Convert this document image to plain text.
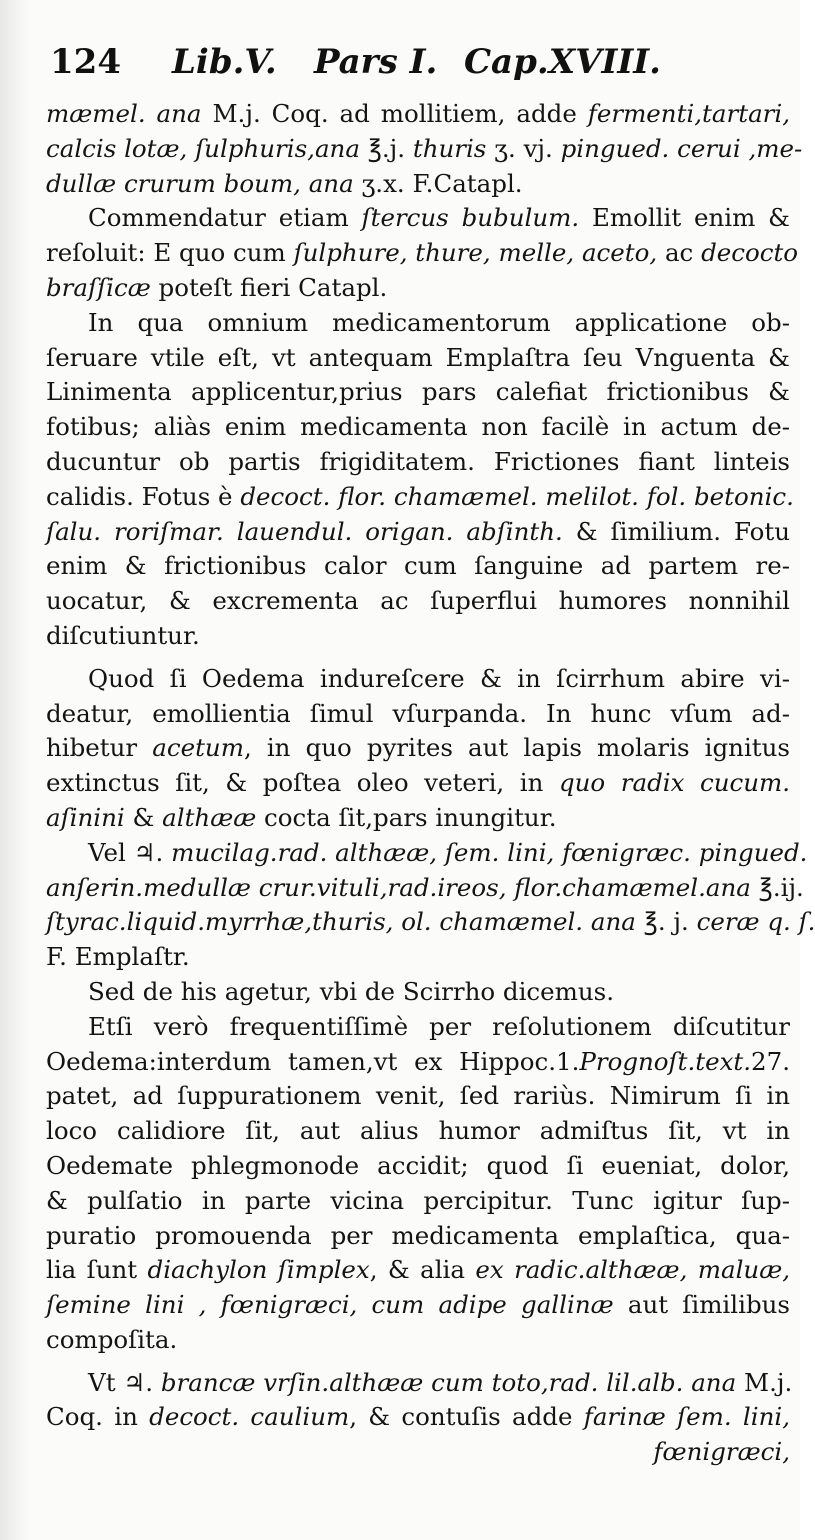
124 Lib.V. Pars I. Cap.XVIII.
mæmel. ana M.j. Coq. ad mollitiem, adde fermenti,tartari,
calcis lotæ, ſulphuris,ana ℥.j. thuris ʒ. vj. pingued. cerui ,me-
dullæ crurum boum, ana ʒ.x. F.Catapl.
Commendatur etiam ſtercus bubulum. Emollit enim &
reſoluit: E quo cum ſulphure, thure, melle, aceto, ac decocto
braſſicæ poteſt fieri Catapl.
In qua omnium medicamentorum applicatione ob-
ſeruare vtile eſt, vt antequam Emplaſtra ſeu Vnguenta &
Linimenta applicentur,prius pars calefiat frictionibus &
fotibus; aliàs enim medicamenta non facilè in actum de-
ducuntur ob partis frigiditatem. Frictiones fiant linteis
calidis. Fotus è decoct. flor. chamæmel. melilot. fol. betonic.
ſalu. roriſmar. lauendul. origan. abſinth. & ſimilium. Fotu
enim & frictionibus calor cum ſanguine ad partem re-
uocatur, & excrementa ac ſuperflui humores nonnihil
diſcutiuntur.
Quod ſi Oedema indureſcere & in ſcirrhum abire vi-
deatur, emollientia ſimul vſurpanda. In hunc vſum ad-
hibetur acetum, in quo pyrites aut lapis molaris ignitus
extinctus ſit, & poſtea oleo veteri, in quo radix cucum.
aſinini & althææ cocta ſit,pars inungitur.
Vel ♃. mucilag.rad. althææ, ſem. lini, fœnigræc. pingued.
anſerin.medullæ crur.vituli,rad.ireos, flor.chamæmel.ana ℥.ij.
ſtyrac.liquid.myrrhæ,thuris, ol. chamæmel. ana ℥. j. ceræ q. ſ.
F. Emplaſtr.
Sed de his agetur, vbi de Scirrho dicemus.
Etſi verò frequentiſſimè per reſolutionem diſcutitur
Oedema:interdum tamen,vt ex Hippoc.1.Prognoſt.text.27.
patet, ad ſuppurationem venit, ſed rariùs. Nimirum ſi in
loco calidiore ſit, aut alius humor admiſtus ſit, vt in
Oedemate phlegmonode accidit; quod ſi eueniat, dolor,
& pulſatio in parte vicina percipitur. Tunc igitur ſup-
puratio promouenda per medicamenta emplaſtica, qua-
lia ſunt diachylon ſimplex, & alia ex radic.althææ, maluæ,
ſemine lini , fœnigræci, cum adipe gallinæ aut ſimilibus
compoſita.
Vt ♃. brancæ vrſin.althææ cum toto,rad. lil.alb. ana M.j.
Coq. in decoct. caulium, & contuſis adde farinæ ſem. lini,
fœnigræci,
